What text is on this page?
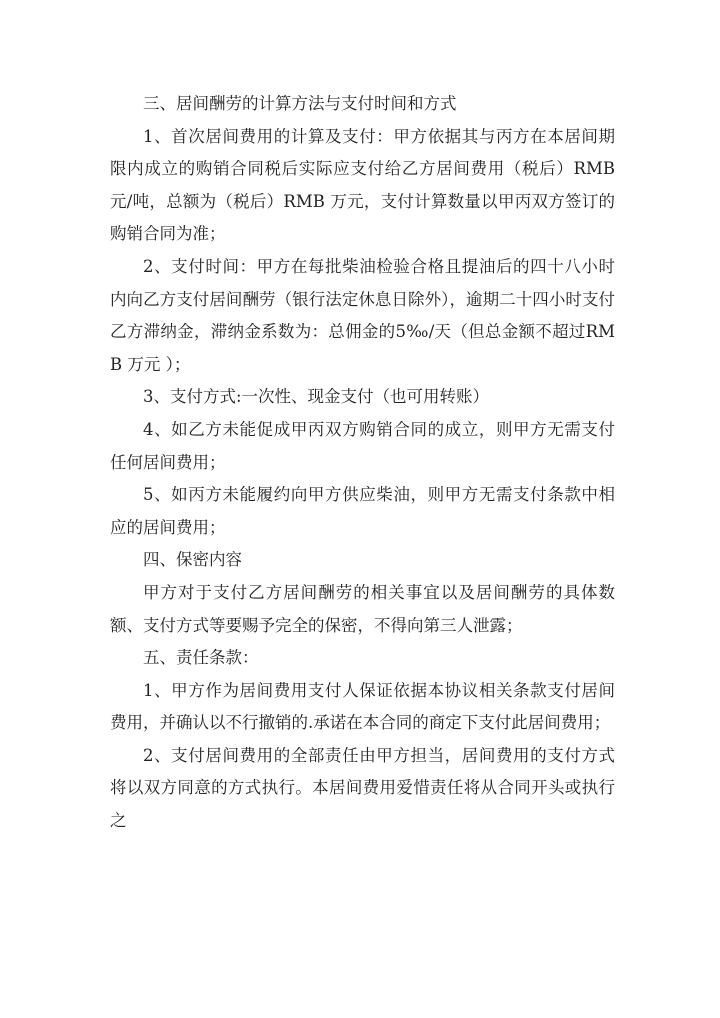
三、居间酬劳的计算方法与支付时间和方式

1、首次居间费用的计算及支付：甲方依据其与丙方在本居间期限内成立的购销合同税后实际应支付给乙方居间费用（税后）RMB 元/吨，总额为（税后）RMB 万元，支付计算数量以甲丙双方签订的购销合同为准；

2、支付时间：甲方在每批柴油检验合格且提油后的四十八小时内向乙方支付居间酬劳（银行法定休息日除外），逾期二十四小时支付乙方滞纳金，滞纳金系数为：总佣金的5‰/天（但总金额不超过RMB 万元 ）；

3、支付方式:一次性、现金支付（也可用转账）

4、如乙方未能促成甲丙双方购销合同的成立，则甲方无需支付任何居间费用；

5、如丙方未能履约向甲方供应柴油，则甲方无需支付条款中相应的居间费用；

四、保密内容

甲方对于支付乙方居间酬劳的相关事宜以及居间酬劳的具体数额、支付方式等要赐予完全的保密，不得向第三人泄露；

五、责任条款：

1、甲方作为居间费用支付人保证依据本协议相关条款支付居间费用，并确认以不行撤销的.承诺在本合同的商定下支付此居间费用；

2、支付居间费用的全部责任由甲方担当，居间费用的支付方式将以双方同意的方式执行。本居间费用爱惜责任将从合同开头或执行之
